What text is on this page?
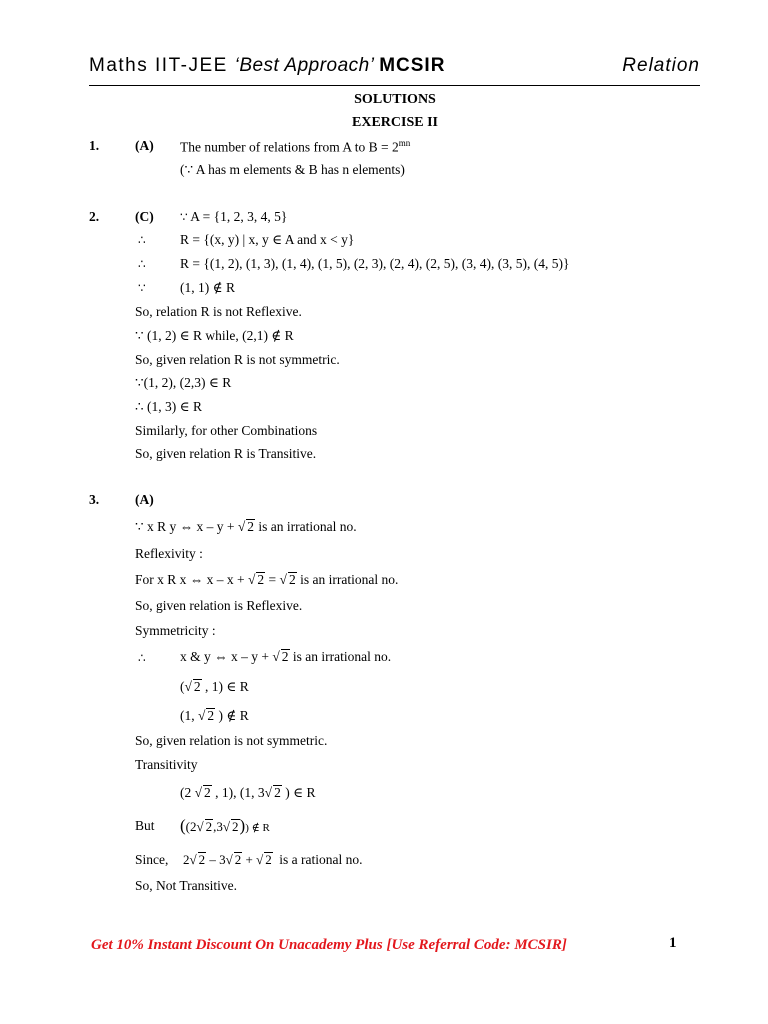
Maths IIT-JEE ‘Best Approach’ MCSIR	Relation
SOLUTIONS
EXERCISE II
1.	(A) The number of relations from A to $B = 2^{mn}$
(∵ A has m elements & B has n elements)
2.	(C) ∵ A = {1, 2, 3, 4, 5}
∴	R = {(x, y) | x, y ∈ A and x < y}
∴	R = {(1, 2), (1, 3), (1, 4), (1, 5), (2, 3), (2, 4), (2, 5), (3, 4), (3, 5), (4, 5)}
∵	(1, 1) ∉ R
So, relation R is not Reflexive.
∵ (1, 2) ∈ R while, (2,1) ∉ R
So, given relation R is not symmetric.
∵(1, 2), (2,3) ∈ R
∴ (1, 3) ∈ R
Similarly, for other Combinations
So, given relation R is Transitive.
3.	(A)
∵ x R y ⇔ x – y + √ 2 is an irrational no.
Reflexivity :
For x R x ⇔ x – x + √ 2 = √ 2 is an irrational no.
So, given relation is Reflexive.
Symmetricity :
∴	x & y ⇔ x – y + √ 2 is an irrational no.
(√ 2 , 1) ∈ R
(1, √ 2 ) ∉ R
So, given relation is not symmetric.
Transitivity
(2 √ 2 , 1), (1, 3√ 2 ) ∈ R
But ((2√ 2,3√ 2)) ∉ R
Since, 2√ 2 – 3√ 2 + √ 2 is a rational no.
So, Not Transitive.
Get 10% Instant Discount On Unacademy Plus [Use Referral Code: MCSIR]	1
